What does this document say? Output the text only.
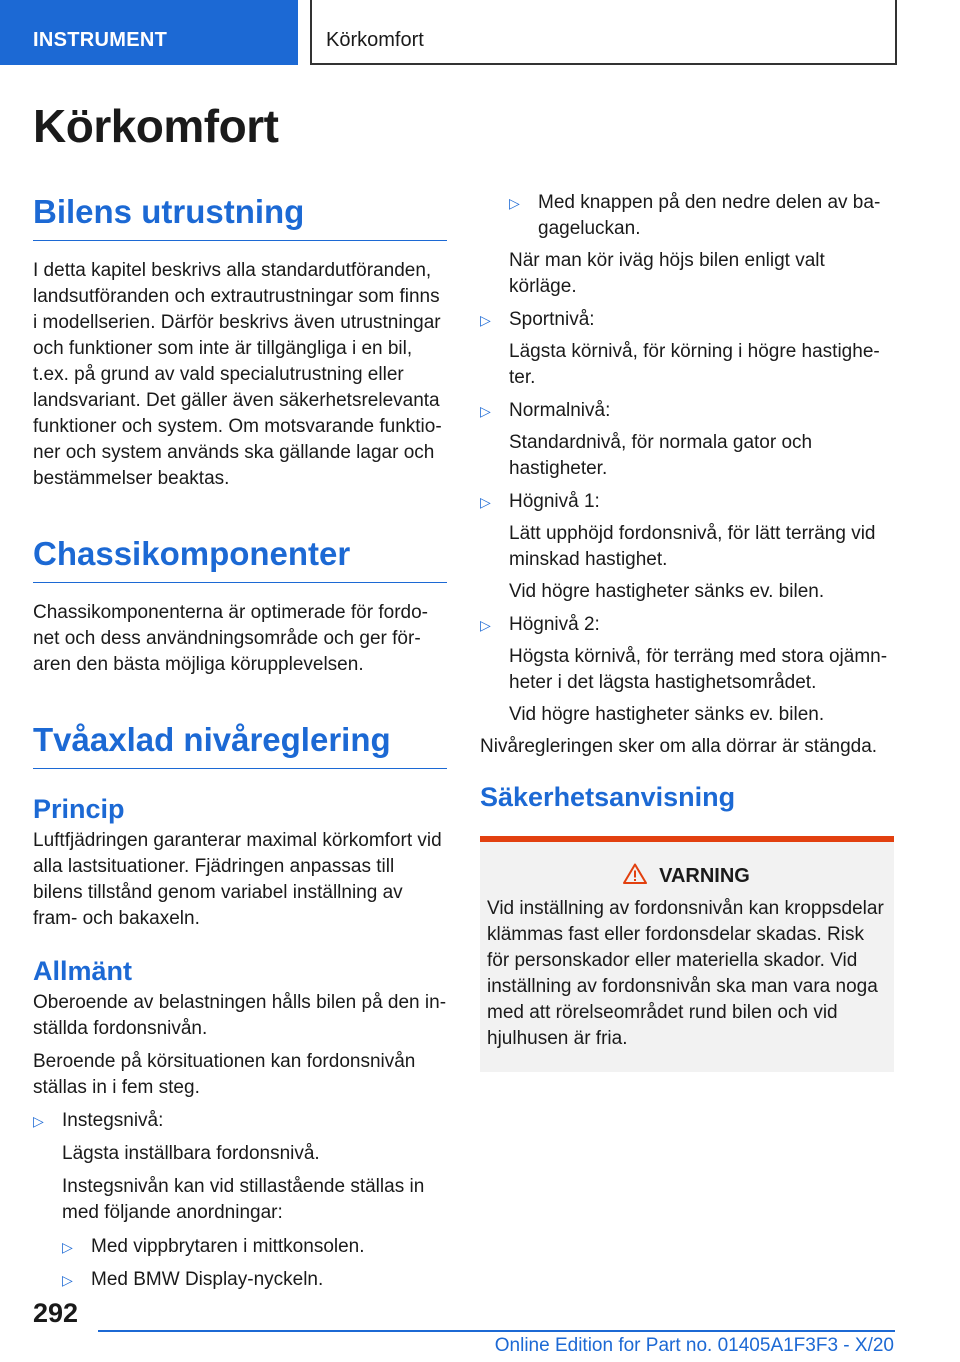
INSTRUMENT	Körkomfort
Körkomfort
Bilens utrustning

I detta kapitel beskrivs alla standardutföranden, landsutföranden och extrautrustningar som finns i modellserien. Därför beskrivs även utrustningar och funktioner som inte är tillgängliga i en bil, t.ex. på grund av vald specialutrustning eller landsvariant. Det gäller även säkerhetsrelevanta funktioner och system. Om motsvarande funktioner och system används ska gällande lagar och bestämmelser beaktas.

Chassikomponenter

Chassikomponenterna är optimerade för fordonet och dess användningsområde och ger föraren den bästa möjliga körupplevelsen.

Tvåaxlad nivåreglering
Princip

Luftfjädringen garanterar maximal körkomfort vid alla lastsituationer. Fjädringen anpassas till bilens tillstånd genom variabel inställning av fram- och bakaxeln.

Allmänt

Oberoende av belastningen hålls bilen på den inställda fordonsnivån.

Beroende på körsituationen kan fordonsnivån ställas in i fem steg.

▷ Instegsnivå:

Lägsta inställbara fordonsnivå.

Instegsnivån kan vid stillastående ställas in med följande anordningar:

▷ Med vippbrytaren i mittkonsolen.
▷ Med BMW Display-nyckeln.
▷ Med knappen på den nedre delen av bagageluckan.

När man kör iväg höjs bilen enligt valt körläge.

▷ Sportnivå:

Lägsta körnivå, för körning i högre hastigheter.

▷ Normalnivå:

Standardnivå, för normala gator och hastigheter.

▷ Högnivå 1:

Lätt upphöjd fordonsnivå, för lätt terräng vid minskad hastighet.

Vid högre hastigheter sänks ev. bilen.

▷ Högnivå 2:

Högsta körnivå, för terräng med stora ojämnheter i det lägsta hastighetsområdet.

Vid högre hastigheter sänks ev. bilen.

Nivåregleringen sker om alla dörrar är stängda.

Säkerhetsanvisning
VARNING

Vid inställning av fordonsnivån kan kroppsdelar klämmas fast eller fordonsdelar skadas. Risk för personskador eller materiella skador. Vid inställning av fordonsnivån ska man vara noga med att rörelseområdet rund bilen och vid hjulhusen är fria.

292
Online Edition for Part no. 01405A1F3F3 - X/20
